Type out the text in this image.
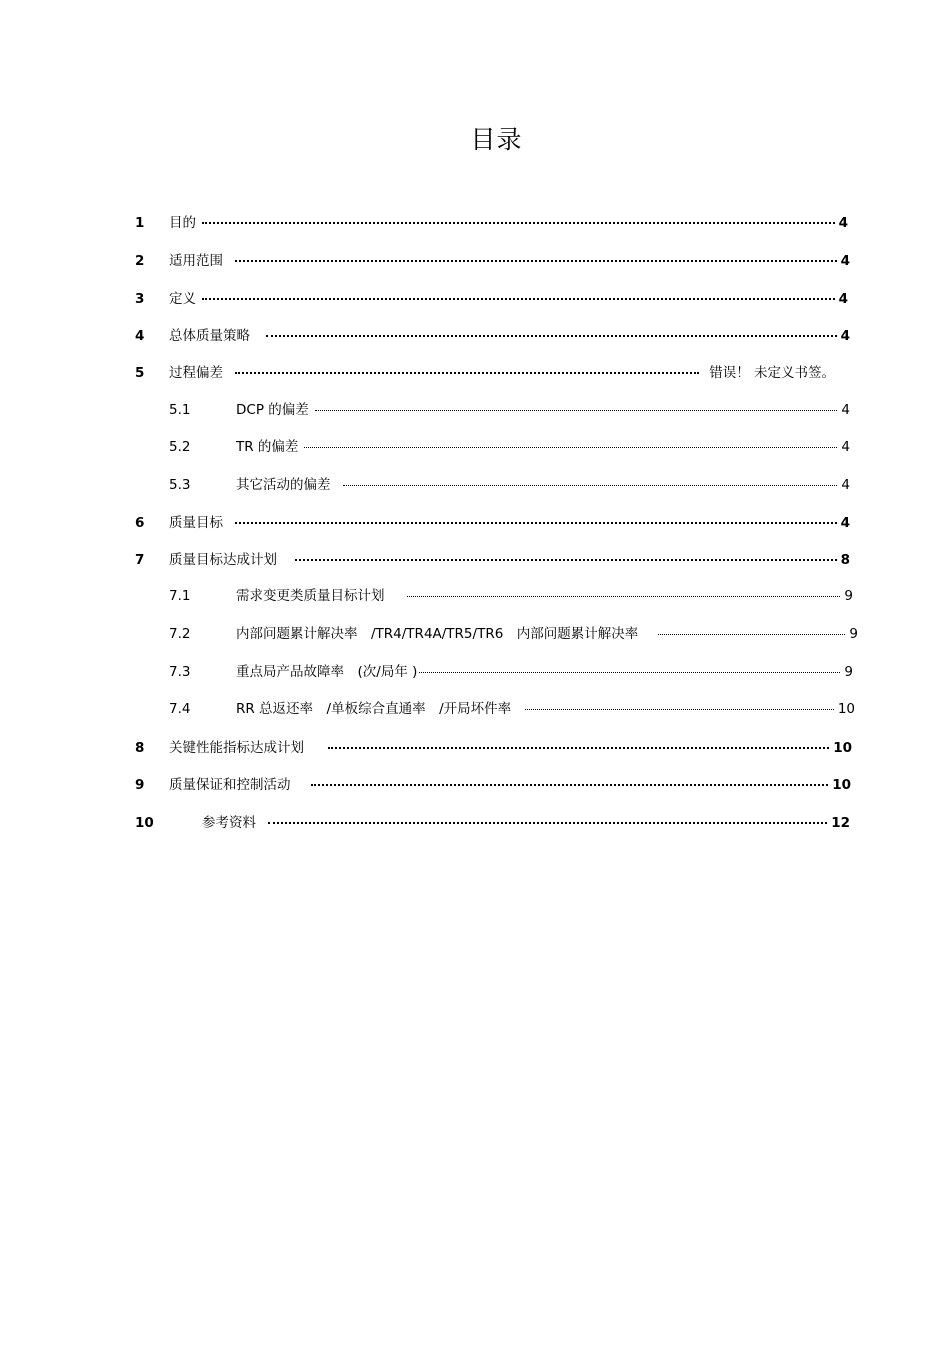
目录
1	目的	4
2	适用范围	4
3	定义	4
4	总体质量策略	4
5	过程偏差	错误！ 未定义书签。
5.1	DCP 的偏差	4
5.2	TR 的偏差	4
5.3	其它活动的偏差	4
6	质量目标	4
7	质量目标达成计划	8
7.1	需求变更类质量目标计划	9
7.2	内部问题累计解决率　/TR4/TR4A/TR5/TR6　内部问题累计解决率	9
7.3	重点局产品故障率　(次/局年 )	9
7.4	RR 总返还率　/单板综合直通率　/开局坏件率	10
8	关键性能指标达成计划	10
9	质量保证和控制活动	10
10	参考资料	12
